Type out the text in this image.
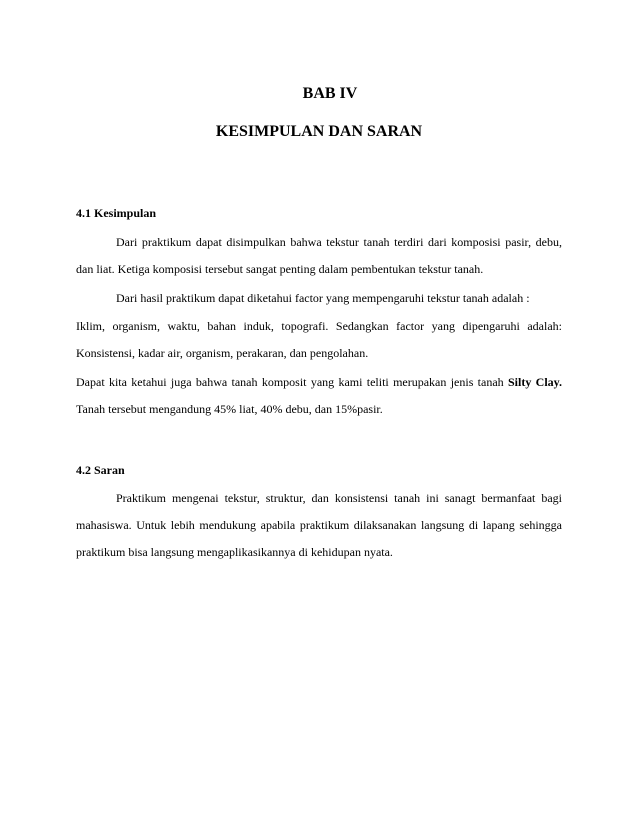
BAB IV
KESIMPULAN DAN SARAN
4.1 Kesimpulan

Dari praktikum dapat disimpulkan bahwa tekstur tanah terdiri dari komposisi pasir, debu, dan liat. Ketiga komposisi tersebut sangat penting dalam pembentukan tekstur tanah.

Dari hasil praktikum dapat diketahui factor yang mempengaruhi tekstur tanah adalah :

Iklim, organism, waktu, bahan induk, topografi. Sedangkan factor yang dipengaruhi adalah: Konsistensi, kadar air, organism, perakaran, dan pengolahan.

Dapat kita ketahui juga bahwa tanah komposit yang kami teliti merupakan jenis tanah Silty Clay. Tanah tersebut mengandung 45% liat, 40% debu, dan 15%pasir.

4.2 Saran

Praktikum mengenai tekstur, struktur, dan konsistensi tanah ini sanagt bermanfaat bagi mahasiswa. Untuk lebih mendukung apabila praktikum dilaksanakan langsung di lapang sehingga praktikum bisa langsung mengaplikasikannya di kehidupan nyata.
